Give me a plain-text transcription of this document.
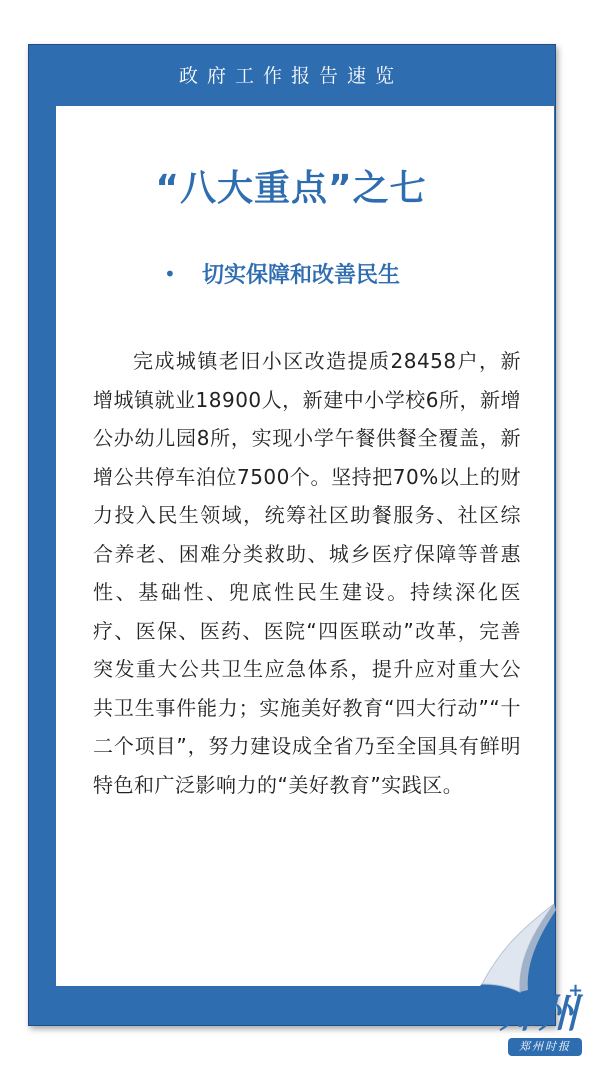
政府工作报告速览
“八大重点”之七
•	切实保障和改善民生
完成城镇老旧小区改造提质28458户，新增城镇就业18900人，新建中小学校6所，新增公办幼儿园8所，实现小学午餐供餐全覆盖，新增公共停车泊位7500个。坚持把70%以上的财力投入民生领域，统筹社区助餐服务、社区综合养老、困难分类救助、城乡医疗保障等普惠性、基础性、兜底性民生建设。持续深化医疗、医保、医药、医院“四医联动”改革，完善突发重大公共卫生应急体系，提升应对重大公共卫生事件能力；实施美好教育“四大行动”“十二个项目”，努力建设成全省乃至全国具有鲜明特色和广泛影响力的“美好教育”实践区。
郑州
+
郑州时报
